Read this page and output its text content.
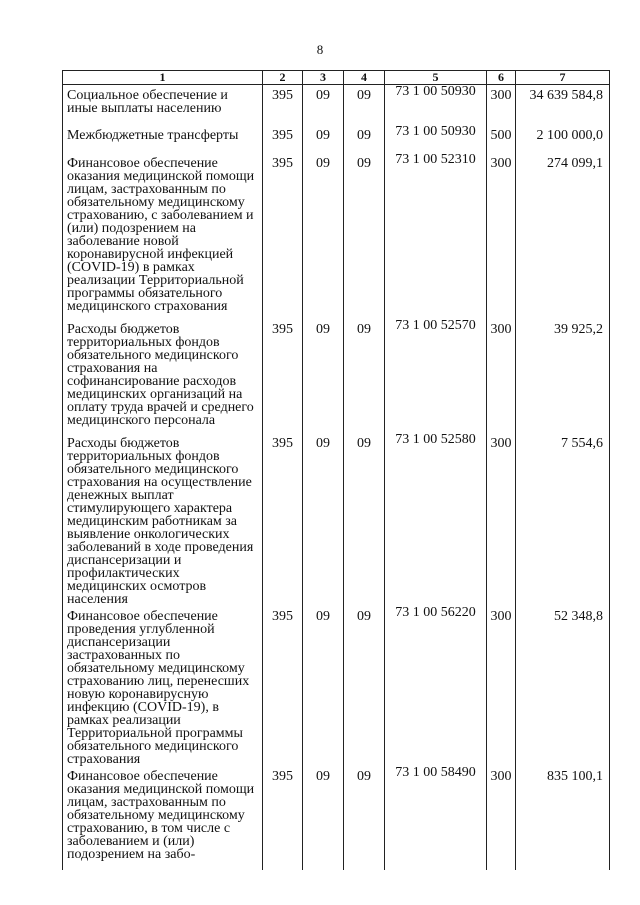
8
1	2	3	4	5	6	7
Социальное обеспечение и иные выплаты населению	395	09	09	73 1 00 50930	300	34 639 584,8
Межбюджетные трансферты	395	09	09	73 1 00 50930	500	2 100 000,0
Финансовое обеспечение оказания медицинской помощи лицам, застрахованным по обязательному медицинскому страхованию, с заболеванием и (или) подозрением на заболевание новой коронавирусной инфекцией (COVID-19) в рамках реализации Территориальной программы обязательного медицинского страхования	395	09	09	73 1 00 52310	300	274 099,1
Расходы бюджетов территориальных фондов обязательного медицинского страхования на софинансирование расходов медицинских организаций на оплату труда врачей и среднего медицинского персонала	395	09	09	73 1 00 52570	300	39 925,2
Расходы бюджетов территориальных фондов обязательного медицинского страхования на осуществление денежных выплат стимулирующего характера медицинским работникам за выявление онкологических заболеваний в ходе проведения диспансеризации и профилактических медицинских осмотров населения	395	09	09	73 1 00 52580	300	7 554,6
Финансовое обеспечение проведения углубленной диспансеризации застрахованных по обязательному медицинскому страхованию лиц, перенесших новую коронавирусную инфекцию (COVID-19), в рамках реализации Территориальной программы обязательного медицинского страхования	395	09	09	73 1 00 56220	300	52 348,8
Финансовое обеспечение оказания медицинской помощи лицам, застрахованным по обязательному медицинскому страхованию, в том числе с заболеванием и (или) подозрением на забо-	395	09	09	73 1 00 58490	300	835 100,1
